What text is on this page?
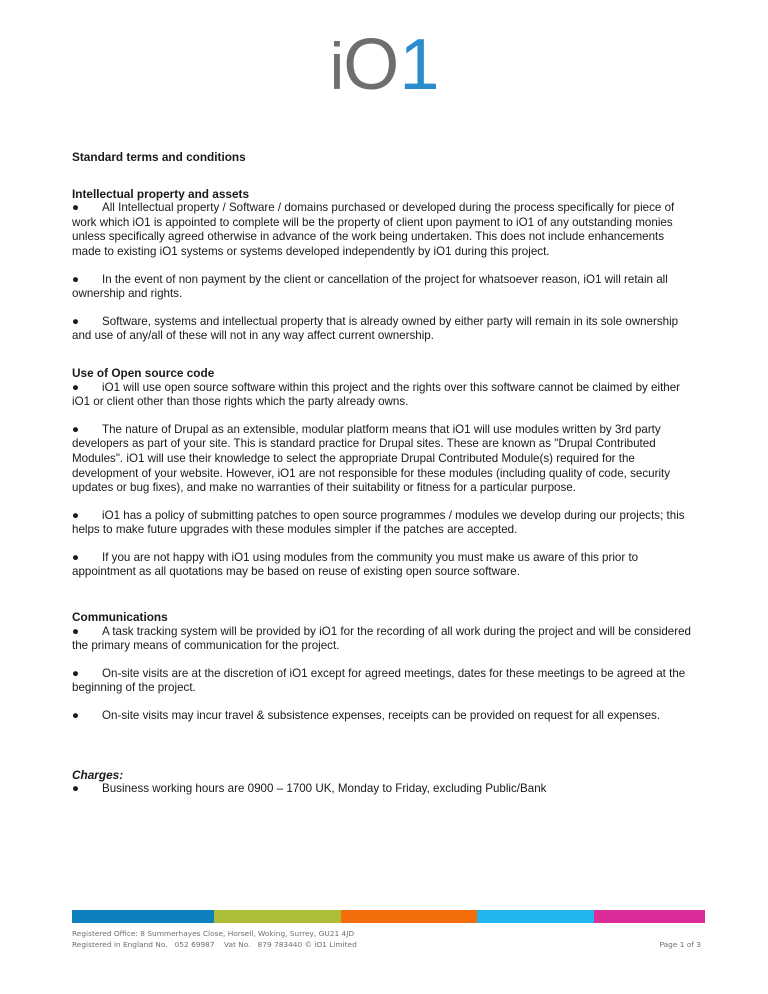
i O 1
Standard terms and conditions
Intellectual property and assets
●	All Intellectual property / Software / domains purchased or developed during the process specifically for piece of work which iO1 is appointed to complete will be the property of client upon payment to iO1 of any outstanding monies unless specifically agreed otherwise in advance of the work being undertaken. This does not include enhancements made to existing iO1 systems or systems developed independently by iO1 during this project.
●	In the event of non payment by the client or cancellation of the project for whatsoever reason, iO1 will retain all ownership and rights.
●	Software, systems and intellectual property that is already owned by either party will remain in its sole ownership and use of any/all of these will not in any way affect current ownership.
Use of Open source code
●	iO1 will use open source software within this project and the rights over this software cannot be claimed by either iO1 or client other than those rights which the party already owns.
●	The nature of Drupal as an extensible, modular platform means that iO1 will use modules written by 3rd party developers as part of your site. This is standard practice for Drupal sites. These are known as "Drupal Contributed Modules". iO1 will use their knowledge to select the appropriate Drupal Contributed Module(s) required for the development of your website. However, iO1 are not responsible for these modules (including quality of code, security updates or bug fixes), and make no warranties of their suitability or fitness for a particular purpose.
●	iO1 has a policy of submitting patches to open source programmes / modules we develop during our projects; this helps to make future upgrades with these modules simpler if the patches are accepted.
●	If you are not happy with iO1 using modules from the community you must make us aware of this prior to appointment as all quotations may be based on reuse of existing open source software.
Communications
●	A task tracking system will be provided by iO1 for the recording of all work during the project and will be considered the primary means of communication for the project.
●	On-site visits are at the discretion of iO1 except for agreed meetings, dates for these meetings to be agreed at the beginning of the project.
●	On-site visits may incur travel & subsistence expenses, receipts can be provided on request for all expenses.
Charges:
●	Business working hours are 0900 – 1700 UK, Monday to Friday, excluding Public/Bank
Registered Office: 8 Summerhayes Close, Horsell, Woking, Surrey, GU21 4JD
Registered in England No.   052 69987    Vat No.   879 783440 © iO1 Limited	Page 1 of 3
